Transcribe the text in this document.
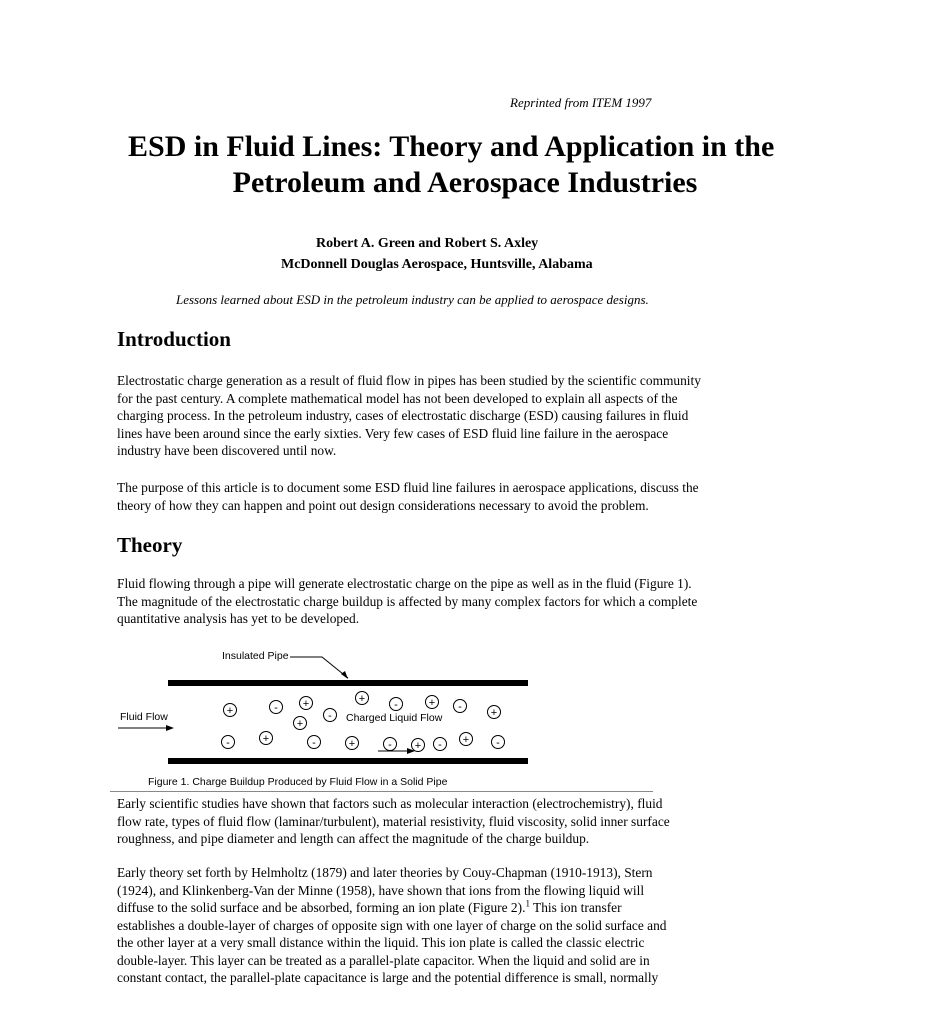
Reprinted from ITEM 1997
ESD in Fluid Lines: Theory and Application in the
Petroleum and Aerospace Industries
Robert A. Green and Robert S. Axley
McDonnell Douglas Aerospace, Huntsville, Alabama
Lessons learned about ESD in the petroleum industry can be applied to aerospace designs.
Introduction
Electrostatic charge generation as a result of fluid flow in pipes has been studied by the scientific community
for the past century. A complete mathematical model has not been developed to explain all aspects of the
charging process. In the petroleum industry, cases of electrostatic discharge (ESD) causing failures in fluid
lines have been around since the early sixties. Very few cases of ESD fluid line failure in the aerospace
industry have been discovered until now.
The purpose of this article is to document some ESD fluid line failures in aerospace applications, discuss the
theory of how they can happen and point out design considerations necessary to avoid the problem.
Theory
Fluid flowing through a pipe will generate electrostatic charge on the pipe as well as in the fluid (Figure 1).
The magnitude of the electrostatic charge buildup is affected by many complex factors for which a complete
quantitative analysis has yet to be developed.
Insulated Pipe
Fluid Flow	Charged Liquid Flow
+	- +
+
-
+	-	+ -	+
-	+	-	+	- + - + -
Figure 1. Charge Buildup Produced by Fluid Flow in a Solid Pipe
Early scientific studies have shown that factors such as molecular interaction (electrochemistry), fluid
flow rate, types of fluid flow (laminar/turbulent), material resistivity, fluid viscosity, solid inner surface
roughness, and pipe diameter and length can affect the magnitude of the charge buildup.
Early theory set forth by Helmholtz (1879) and later theories by Couy-Chapman (1910-1913), Stern
(1924), and Klinkenberg-Van der Minne (1958), have shown that ions from the flowing liquid will
diffuse to the solid surface and be absorbed, forming an ion plate (Figure 2).$^1$ This ion transfer
establishes a double-layer of charges of opposite sign with one layer of charge on the solid surface and
the other layer at a very small distance within the liquid. This ion plate is called the classic electric
double-layer. This layer can be treated as a parallel-plate capacitor. When the liquid and solid are in
constant contact, the parallel-plate capacitance is large and the potential difference is small, normally
